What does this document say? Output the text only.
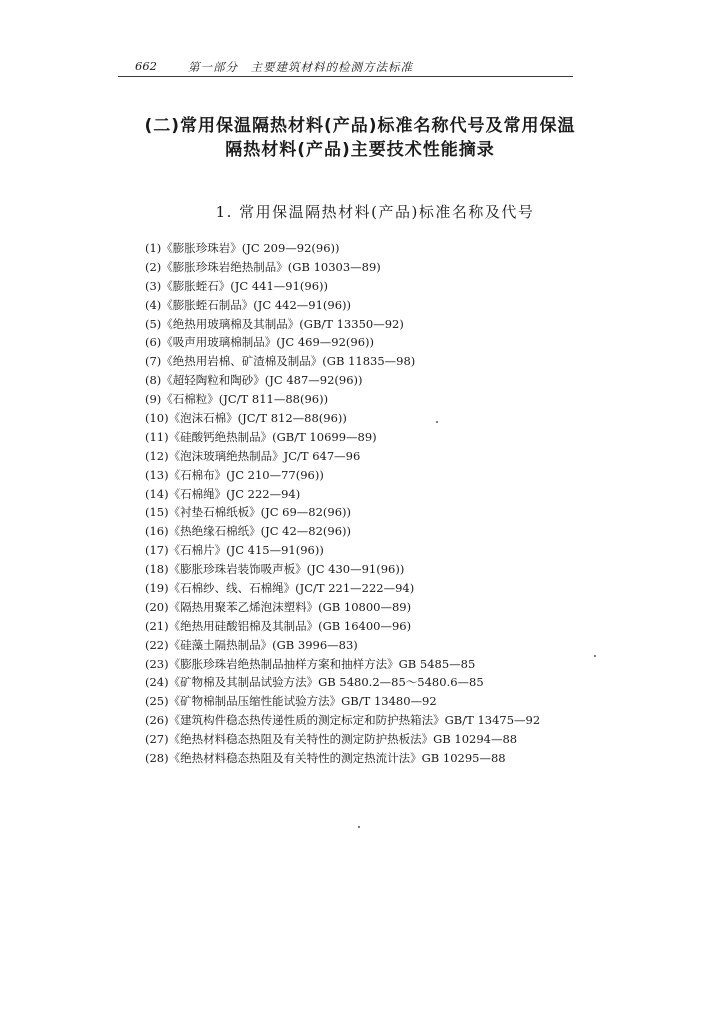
662	第一部分　主要建筑材料的检测方法标准
(二)常用保温隔热材料(产品)标准名称代号及常用保温
隔热材料(产品)主要技术性能摘录
1. 常用保温隔热材料(产品)标准名称及代号
(1)《膨胀珍珠岩》(JC 209—92(96))
(2)《膨胀珍珠岩绝热制品》(GB 10303—89)
(3)《膨胀蛭石》(JC 441—91(96))
(4)《膨胀蛭石制品》(JC 442—91(96))
(5)《绝热用玻璃棉及其制品》(GB/T 13350—92)
(6)《吸声用玻璃棉制品》(JC 469—92(96))
(7)《绝热用岩棉、矿渣棉及制品》(GB 11835—98)
(8)《超轻陶粒和陶砂》(JC 487—92(96))
(9)《石棉粒》(JC/T 811—88(96))
(10)《泡沫石棉》(JC/T 812—88(96))
(11)《硅酸钙绝热制品》(GB/T 10699—89)
(12)《泡沫玻璃绝热制品》JC/T 647—96
(13)《石棉布》(JC 210—77(96))
(14)《石棉绳》(JC 222—94)
(15)《衬垫石棉纸板》(JC 69—82(96))
(16)《热绝缘石棉纸》(JC 42—82(96))
(17)《石棉片》(JC 415—91(96))
(18)《膨胀珍珠岩装饰吸声板》(JC 430—91(96))
(19)《石棉纱、线、石棉绳》(JC/T 221—222—94)
(20)《隔热用聚苯乙烯泡沫塑料》(GB 10800—89)
(21)《绝热用硅酸铝棉及其制品》(GB 16400—96)
(22)《硅藻土隔热制品》(GB 3996—83)
(23)《膨胀珍珠岩绝热制品抽样方案和抽样方法》GB 5485—85
(24)《矿物棉及其制品试验方法》GB 5480.2—85～5480.6—85
(25)《矿物棉制品压缩性能试验方法》GB/T 13480—92
(26)《建筑构件稳态热传递性质的测定标定和防护热箱法》GB/T 13475—92
(27)《绝热材料稳态热阻及有关特性的测定防护热板法》GB 10294—88
(28)《绝热材料稳态热阻及有关特性的测定热流计法》GB 10295—88
